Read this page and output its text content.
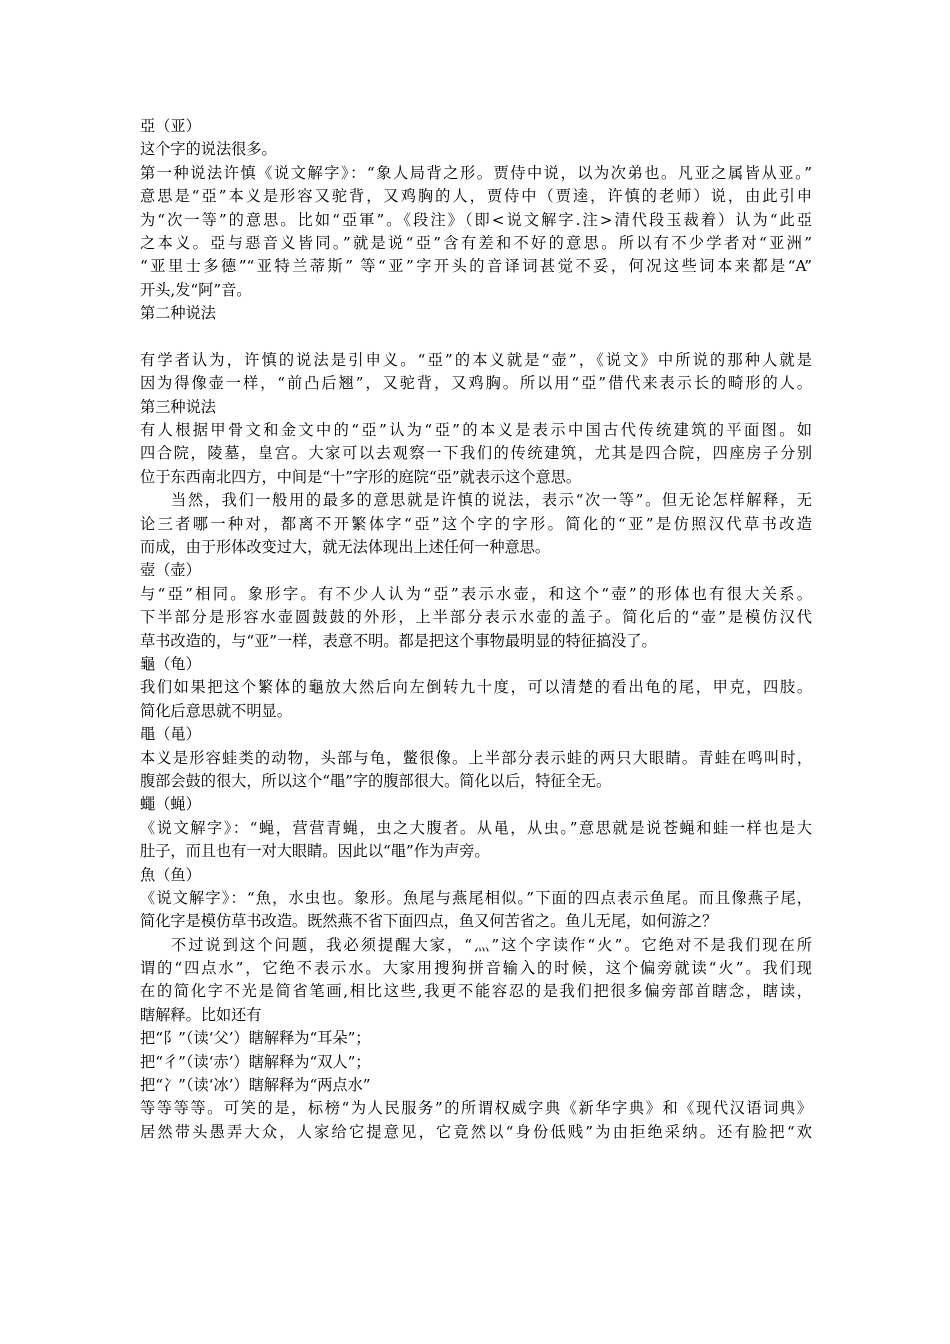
亞（亚）
这个字的说法很多。
第一种说法许慎《说文解字》：“象人局背之形。贾侍中说，以为次弟也。凡亚之属皆从亚。”
意思是“亞”本义是形容又驼背，又鸡胸的人，贾侍中（贾逵，许慎的老师）说，由此引申
为“次一等”的意思。比如“亞軍”。《段注》（即<说文解字.注>清代段玉裁着）认为“此亞
之本义。亞与惡音义皆同。”就是说“亞”含有差和不好的意思。所以有不少学者对“亚洲”
“亚里士多德”“亚特兰蒂斯” 等“亚”字开头的音译词甚觉不妥，何况这些词本来都是“A”
开头,发“阿”音。
第二种说法
有学者认为，许慎的说法是引申义。“亞”的本义就是“壶”，《说文》中所说的那种人就是
因为得像壶一样，“前凸后翘”，又驼背，又鸡胸。所以用“亞”借代来表示长的畸形的人。
第三种说法
有人根据甲骨文和金文中的“亞”认为“亞”的本义是表示中国古代传统建筑的平面图。如
四合院，陵墓，皇宫。大家可以去观察一下我们的传统建筑，尤其是四合院，四座房子分别
位于东西南北四方，中间是“十”字形的庭院“亞”就表示这个意思。
当然，我们一般用的最多的意思就是许慎的说法，表示“次一等”。但无论怎样解释，无
论三者哪一种对，都离不开繁体字“亞”这个字的字形。简化的“亚”是仿照汉代草书改造
而成，由于形体改变过大，就无法体现出上述任何一种意思。
壺（壶）
与“亞”相同。象形字。有不少人认为“亞”表示水壶，和这个“壺”的形体也有很大关系。
下半部分是形容水壶圆鼓鼓的外形，上半部分表示水壶的盖子。简化后的“壶”是模仿汉代
草书改造的，与“亚”一样，表意不明。都是把这个事物最明显的特征搞没了。
龜（龟）
我们如果把这个繁体的龜放大然后向左倒转九十度，可以清楚的看出龟的尾，甲克，四肢。
简化后意思就不明显。
黽（黾）
本义是形容蛙类的动物，头部与龟，鳖很像。上半部分表示蛙的两只大眼睛。青蛙在鸣叫时，
腹部会鼓的很大，所以这个“黽”字的腹部很大。简化以后，特征全无。
蠅（蝇）
《说文解字》：“蝇，营营青蝇，虫之大腹者。从黾，从虫。”意思就是说苍蝇和蛙一样也是大
肚子，而且也有一对大眼睛。因此以“黽”作为声旁。
魚（鱼）
《说文解字》：“魚，水虫也。象形。魚尾与燕尾相似。”下面的四点表示鱼尾。而且像燕子尾，
简化字是模仿草书改造。既然燕不省下面四点，鱼又何苦省之。鱼儿无尾，如何游之？
不过说到这个问题，我必须提醒大家，“灬”这个字读作“火”。它绝对不是我们现在所
谓的“四点水”，它绝不表示水。大家用搜狗拼音输入的时候，这个偏旁就读“火”。我们现
在的简化字不光是简省笔画,相比这些,我更不能容忍的是我们把很多偏旁部首瞎念，瞎读，
瞎解释。比如还有
把“阝”（读‘父’）瞎解释为“耳朵”；
把“彳”（读‘赤’）瞎解释为“双人”；
把“冫”（读‘冰’）瞎解释为“两点水”
等等等等。可笑的是，标榜“为人民服务”的所谓权威字典《新华字典》和《现代汉语词典》
居然带头愚弄大众，人家给它提意见，它竟然以“身份低贱”为由拒绝采纳。还有脸把“欢
